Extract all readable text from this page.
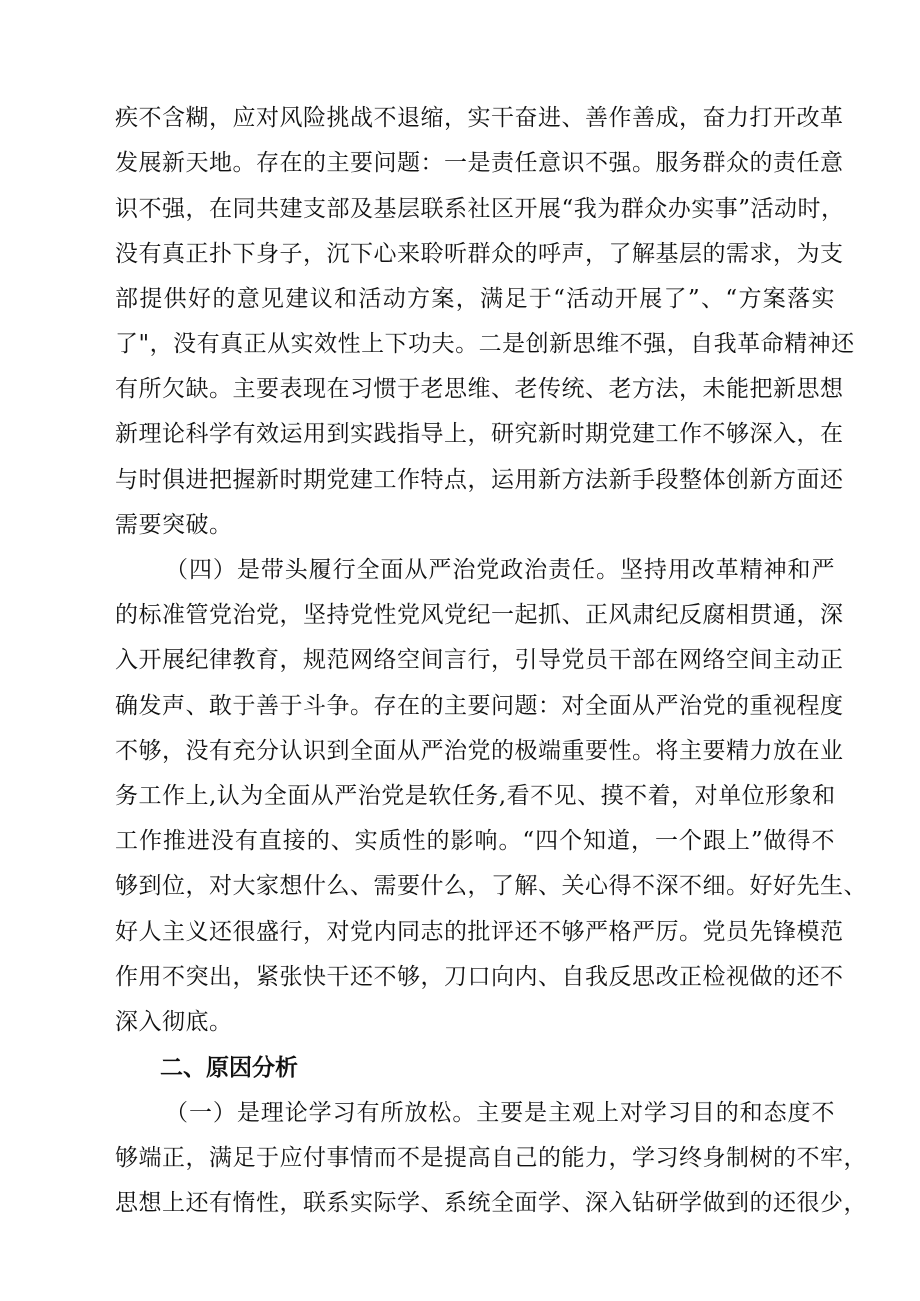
疾不含糊，应对风险挑战不退缩，实干奋进、善作善成，奋力打开改革
发展新天地。存在的主要问题：一是责任意识不强。服务群众的责任意
识不强，在同共建支部及基层联系社区开展“我为群众办实事”活动时，
没有真正扑下身子，沉下心来聆听群众的呼声，了解基层的需求，为支
部提供好的意见建议和活动方案，满足于“活动开展了”、“方案落实
了"，没有真正从实效性上下功夫。二是创新思维不强，自我革命精神还
有所欠缺。主要表现在习惯于老思维、老传统、老方法，未能把新思想
新理论科学有效运用到实践指导上，研究新时期党建工作不够深入，在
与时俱进把握新时期党建工作特点，运用新方法新手段整体创新方面还
需要突破。
（四）是带头履行全面从严治党政治责任。坚持用改革精神和严
的标准管党治党，坚持党性党风党纪一起抓、正风肃纪反腐相贯通，深
入开展纪律教育，规范网络空间言行，引导党员干部在网络空间主动正
确发声、敢于善于斗争。存在的主要问题：对全面从严治党的重视程度
不够，没有充分认识到全面从严治党的极端重要性。将主要精力放在业
务工作上,认为全面从严治党是软任务,看不见、摸不着，对单位形象和
工作推进没有直接的、实质性的影响。“四个知道，一个跟上”做得不
够到位，对大家想什么、需要什么，了解、关心得不深不细。好好先生、
好人主义还很盛行，对党内同志的批评还不够严格严厉。党员先锋模范
作用不突出，紧张快干还不够，刀口向内、自我反思改正检视做的还不
深入彻底。
二、原因分析
（一）是理论学习有所放松。主要是主观上对学习目的和态度不
够端正，满足于应付事情而不是提高自己的能力，学习终身制树的不牢，
思想上还有惰性，联系实际学、系统全面学、深入钻研学做到的还很少，
